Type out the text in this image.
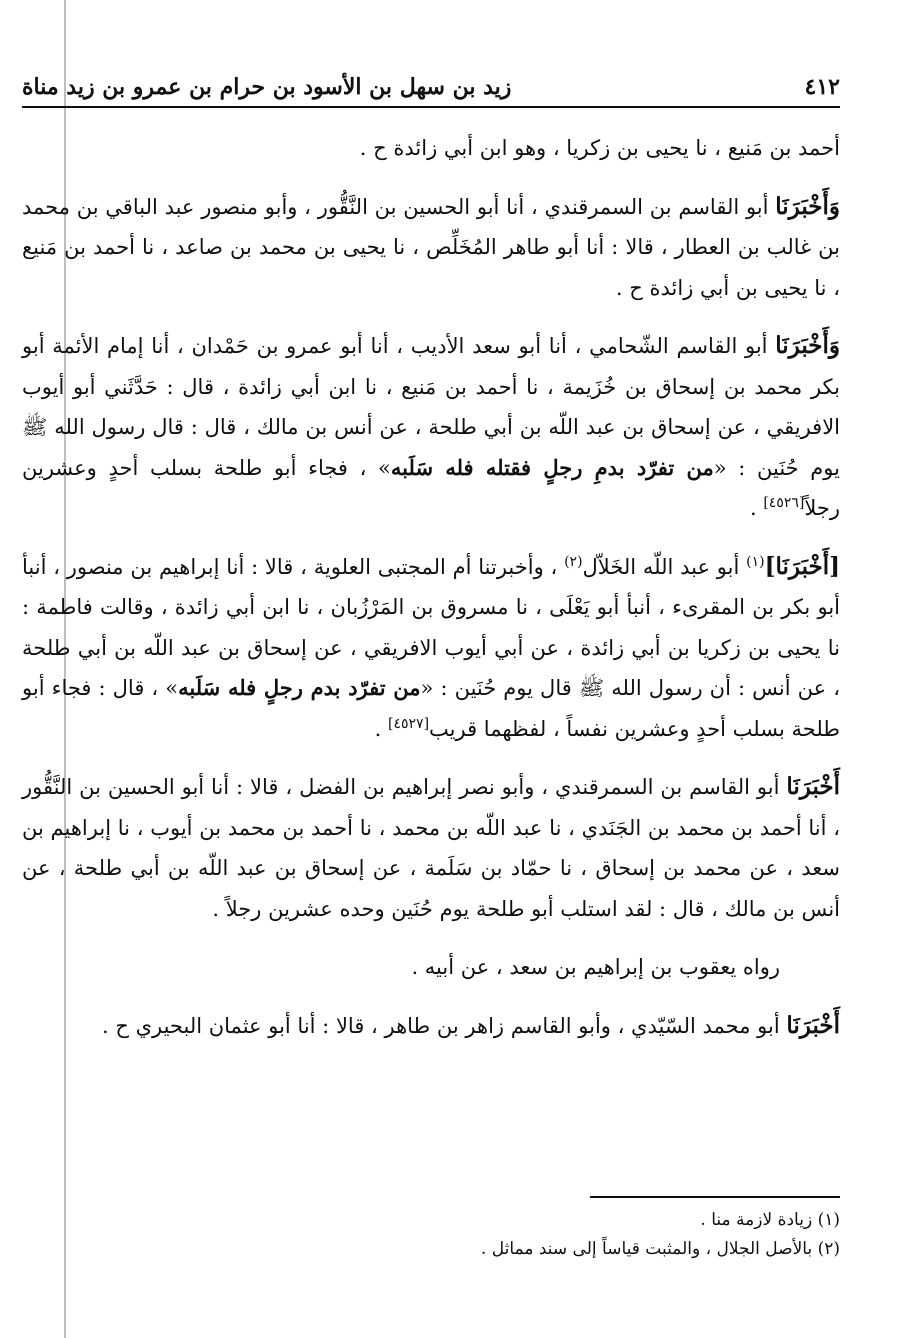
٤١٢
زيد بن سهل بن الأسود بن حرام بن عمرو بن زيد مناة

أحمد بن مَنيع ، نا يحيى بن زكريا ، وهو ابن أبي زائدة ح .

وَأَخْبَرَنَا أبو القاسم بن السمرقندي ، أنا أبو الحسين بن النَّقُّور ، وأبو منصور عبد الباقي بن محمد بن غالب بن العطار ، قالا : أنا أبو طاهر المُخَلِّص ، نا يحيى بن محمد بن صاعد ، نا أحمد بن مَنيع ، نا يحيى بن أبي زائدة ح .

وَأَخْبَرَنَا أبو القاسم الشّحامي ، أنا أبو سعد الأديب ، أنا أبو عمرو بن حَمْدان ، أنا إمام الأئمة أبو بكر محمد بن إسحاق بن خُزَيمة ، نا أحمد بن مَنيع ، نا ابن أبي زائدة ، قال : حَدَّثَني أبو أيوب الافريقي ، عن إسحاق بن عبد اللّه بن أبي طلحة ، عن أنس بن مالك ، قال : قال رسول الله ﷺ يوم حُنَين : «من تفرّد بدمِ رجلٍ فقتله فله سَلَبه» ، فجاء أبو طلحة بسلب أحدٍ وعشرين رجلاً[٤٥٢٦] .

[أَخْبَرَنَا]$^{(١)}$ أبو عبد اللّه الخَلاّل$^{(٢)}$ ، وأخبرتنا أم المجتبى العلوية ، قالا : أنا إبراهيم بن منصور ، أنبأ أبو بكر بن المقرىء ، أنبأ أبو يَعْلَى ، نا مسروق بن المَرْزُبان ، نا ابن أبي زائدة ، وقالت فاطمة : نا يحيى بن زكريا بن أبي زائدة ، عن أبي أيوب الافريقي ، عن إسحاق بن عبد اللّه بن أبي طلحة ، عن أنس : أن رسول الله ﷺ قال يوم حُنَين : «من تفرّد بدم رجلٍ فله سَلَبه» ، قال : فجاء أبو طلحة بسلب أحدٍ وعشرين نفساً ، لفظهما قريب[٤٥٢٧] .

أَخْبَرَنَا أبو القاسم بن السمرقندي ، وأبو نصر إبراهيم بن الفضل ، قالا : أنا أبو الحسين بن النَّقُّور ، أنا أحمد بن محمد بن الجَنَدي ، نا عبد اللّه بن محمد ، نا أحمد بن محمد بن أيوب ، نا إبراهيم بن سعد ، عن محمد بن إسحاق ، نا حمّاد بن سَلَمة ، عن إسحاق بن عبد اللّه بن أبي طلحة ، عن أنس بن مالك ، قال : لقد استلب أبو طلحة يوم حُنَين وحده عشرين رجلاً .

رواه يعقوب بن إبراهيم بن سعد ، عن أبيه .

أَخْبَرَنَا أبو محمد السّيّدي ، وأبو القاسم زاهر بن طاهر ، قالا : أنا أبو عثمان البحيري ح .

(١) زيادة لازمة منا .
(٢) بالأصل الجلال ، والمثبت قياساً إلى سند مماثل .
